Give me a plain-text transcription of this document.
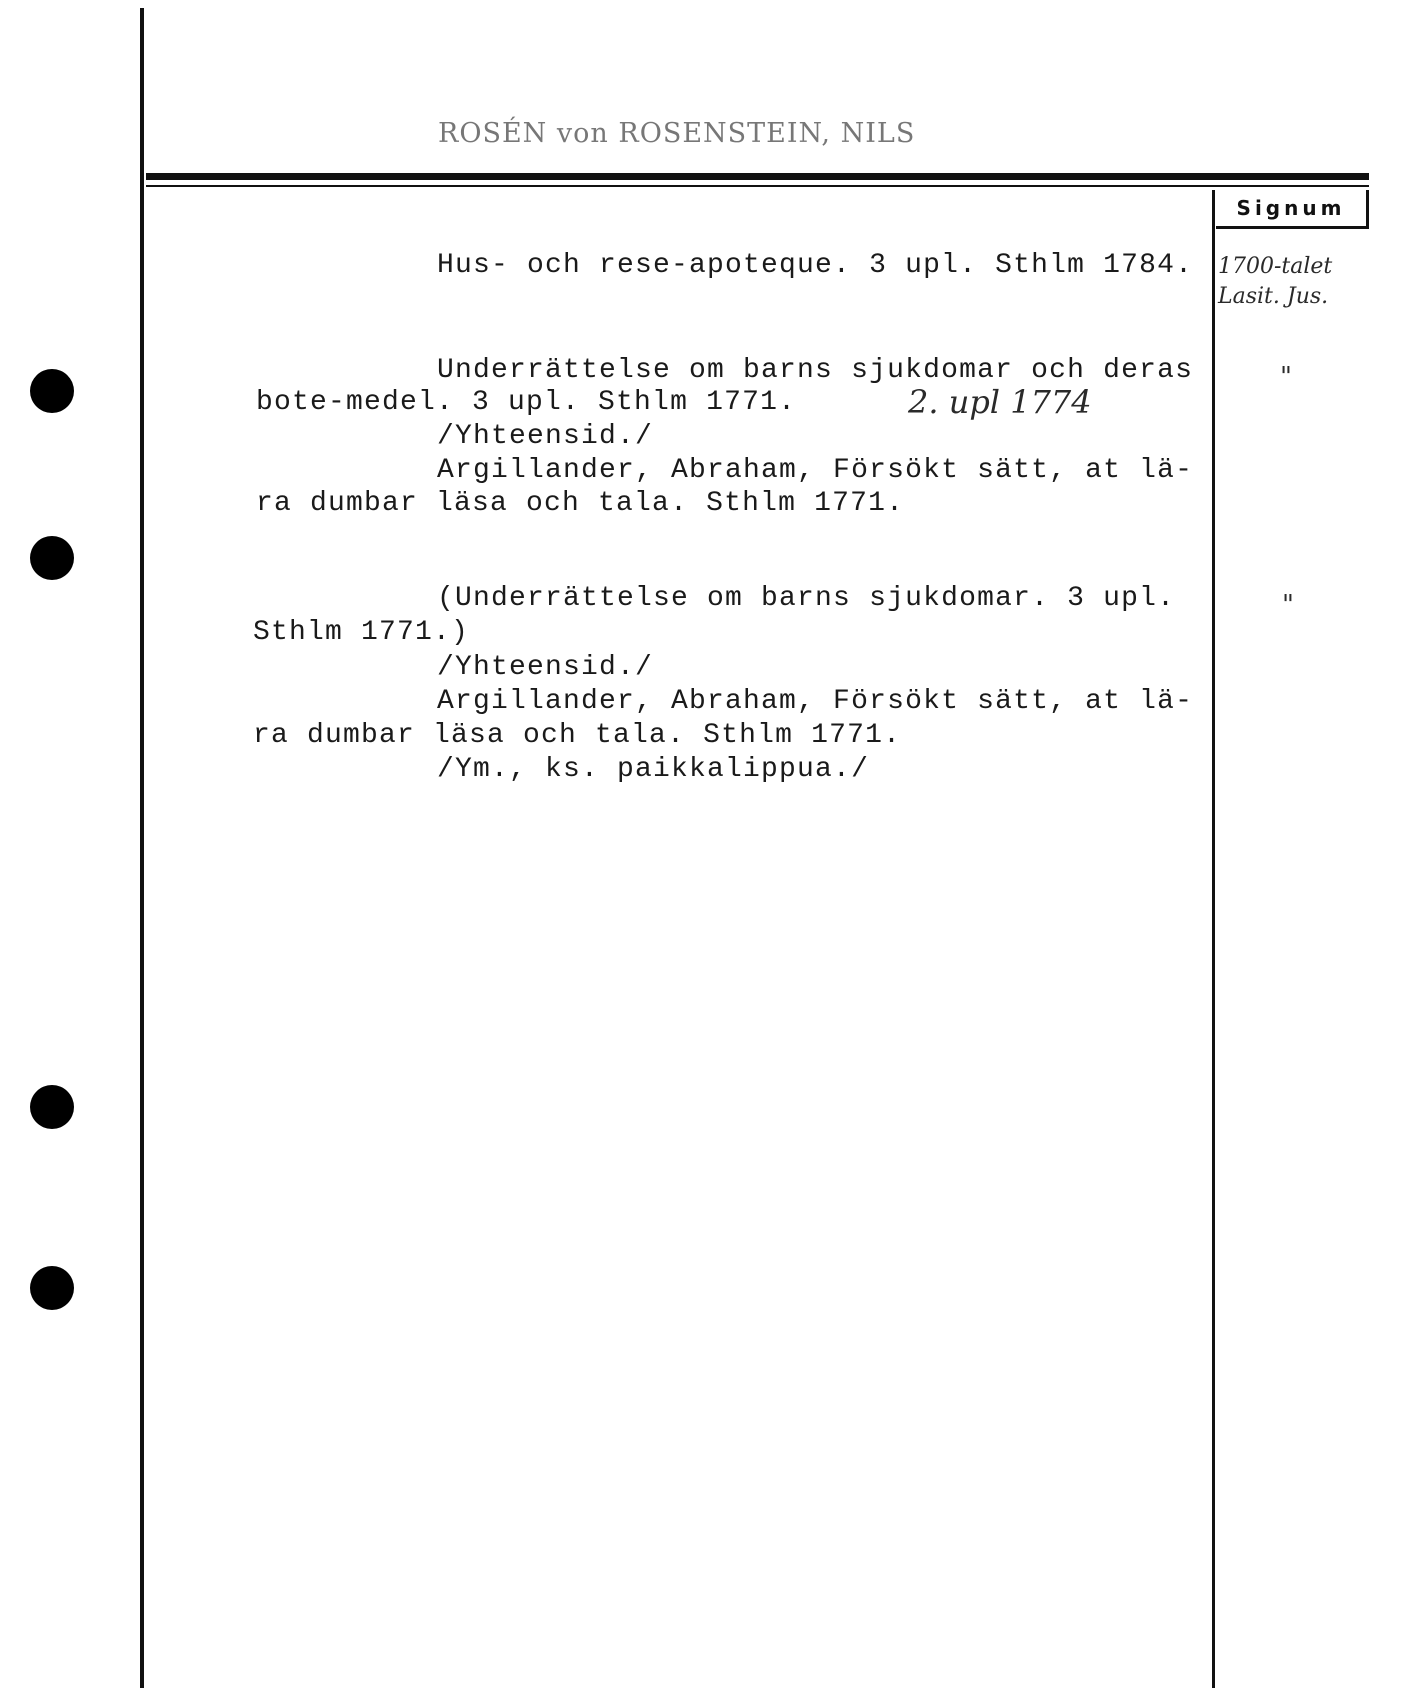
ROSÉN von ROSENSTEIN, NILS
Signum
Hus- och rese-apoteque. 3 upl. Sthlm 1784. 1700-talet Lasit. Jus.
Underrättelse om barns sjukdomar och deras
bote-medel. 3 upl. Sthlm 1771.	2. upl 1774
/Yhteensid./
Argillander, Abraham, Försökt sätt, at lä-
ra dumbar läsa och tala. Sthlm 1771.
"
(Underrättelse om barns sjukdomar. 3 upl.
Sthlm 1771.)
/Yhteensid./
Argillander, Abraham, Försökt sätt, at lä-
ra dumbar läsa och tala. Sthlm 1771.
/Ym., ks. paikkalippua./
"
